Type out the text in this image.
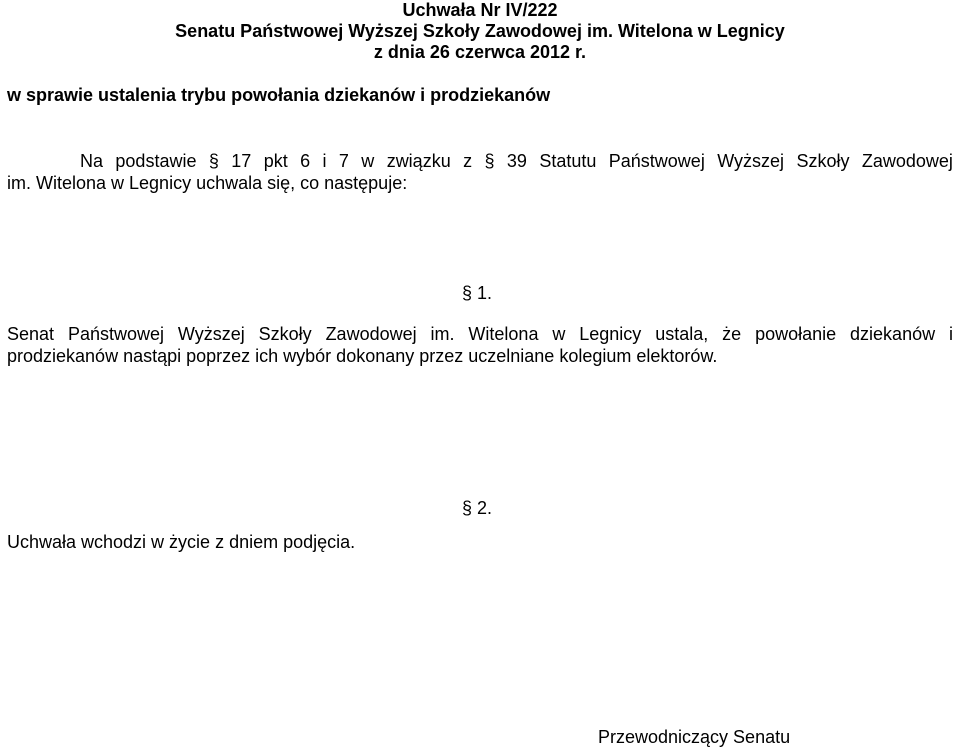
Uchwała Nr IV/222
Senatu Państwowej Wyższej Szkoły Zawodowej im. Witelona w Legnicy
z dnia 26 czerwca 2012 r.
w sprawie ustalenia trybu powołania dziekanów i prodziekanów
Na podstawie § 17 pkt 6 i 7 w związku z § 39 Statutu Państwowej Wyższej Szkoły Zawodowej
im. Witelona w Legnicy uchwala się, co następuje:
§ 1.
Senat Państwowej Wyższej Szkoły Zawodowej im. Witelona w Legnicy ustala, że powołanie dziekanów i prodziekanów nastąpi poprzez ich wybór dokonany przez uczelniane kolegium elektorów.
§ 2.
Uchwała wchodzi w życie z dniem podjęcia.
Przewodniczący Senatu
